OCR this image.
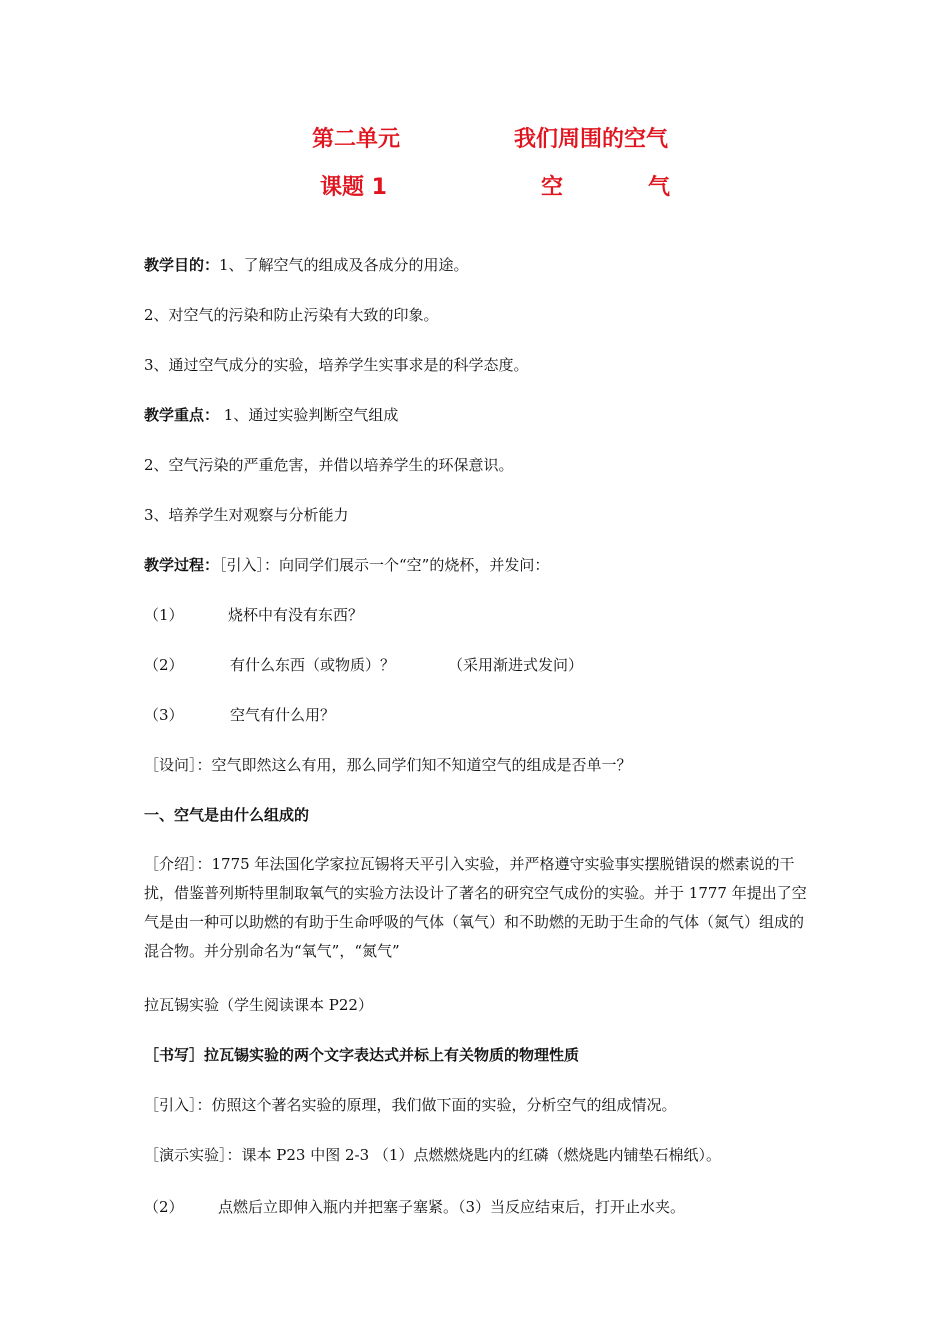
第二单元	我们周围的空气
课题 1	空	气
教学目的：1、了解空气的组成及各成分的用途。
2、对空气的污染和防止污染有大致的印象。
3、通过空气成分的实验，培养学生实事求是的科学态度。
教学重点： 1、通过实验判断空气组成
2、空气污染的严重危害，并借以培养学生的环保意识。
3、培养学生对观察与分析能力
教学过程：［引入］：向同学们展示一个“空”的烧杯，并发问：
（1）	烧杯中有没有东西？
（2）	有什么东西（或物质）？	（采用渐进式发问）
（3）	空气有什么用？
［设问］：空气即然这么有用，那么同学们知不知道空气的组成是否单一？
一、空气是由什么组成的
［介绍］：1775 年法国化学家拉瓦锡将天平引入实验，并严格遵守实验事实摆脱错误的燃素说的干扰，借鉴普列斯特里制取氧气的实验方法设计了著名的研究空气成份的实验。并于 1777 年提出了空气是由一种可以助燃的有助于生命呼吸的气体（氧气）和不助燃的无助于生命的气体（氮气）组成的混合物。并分别命名为“氧气”，“氮气”
拉瓦锡实验（学生阅读课本 P22）
［书写］拉瓦锡实验的两个文字表达式并标上有关物质的物理性质
［引入］：仿照这个著名实验的原理，我们做下面的实验，分析空气的组成情况。
［演示实验］：课本 P23 中图 2-3 （1）点燃燃烧匙内的红磷（燃烧匙内铺垫石棉纸）。
（2） 点燃后立即伸入瓶内并把塞子塞紧。（3）当反应结束后，打开止水夹。
